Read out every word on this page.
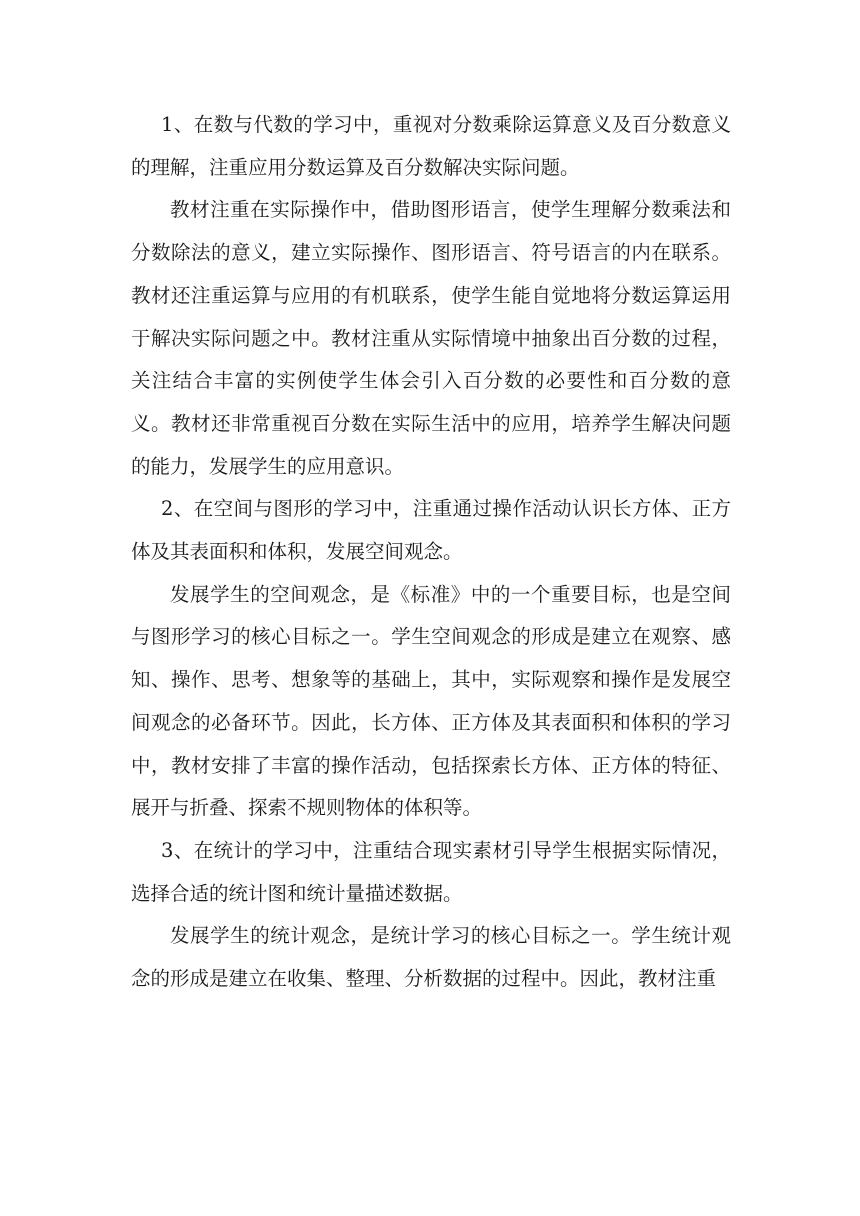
1、在数与代数的学习中，重视对分数乘除运算意义及百分数意义的理解，注重应用分数运算及百分数解决实际问题。

教材注重在实际操作中，借助图形语言，使学生理解分数乘法和分数除法的意义，建立实际操作、图形语言、符号语言的内在联系。教材还注重运算与应用的有机联系，使学生能自觉地将分数运算运用于解决实际问题之中。教材注重从实际情境中抽象出百分数的过程，关注结合丰富的实例使学生体会引入百分数的必要性和百分数的意义。教材还非常重视百分数在实际生活中的应用，培养学生解决问题的能力，发展学生的应用意识。

2、在空间与图形的学习中，注重通过操作活动认识长方体、正方体及其表面积和体积，发展空间观念。

发展学生的空间观念，是《标准》中的一个重要目标，也是空间与图形学习的核心目标之一。学生空间观念的形成是建立在观察、感知、操作、思考、想象等的基础上，其中，实际观察和操作是发展空间观念的必备环节。因此，长方体、正方体及其表面积和体积的学习中，教材安排了丰富的操作活动，包括探索长方体、正方体的特征、展开与折叠、探索不规则物体的体积等。

3、在统计的学习中，注重结合现实素材引导学生根据实际情况，选择合适的统计图和统计量描述数据。

发展学生的统计观念，是统计学习的核心目标之一。学生统计观念的形成是建立在收集、整理、分析数据的过程中。因此，教材注重
